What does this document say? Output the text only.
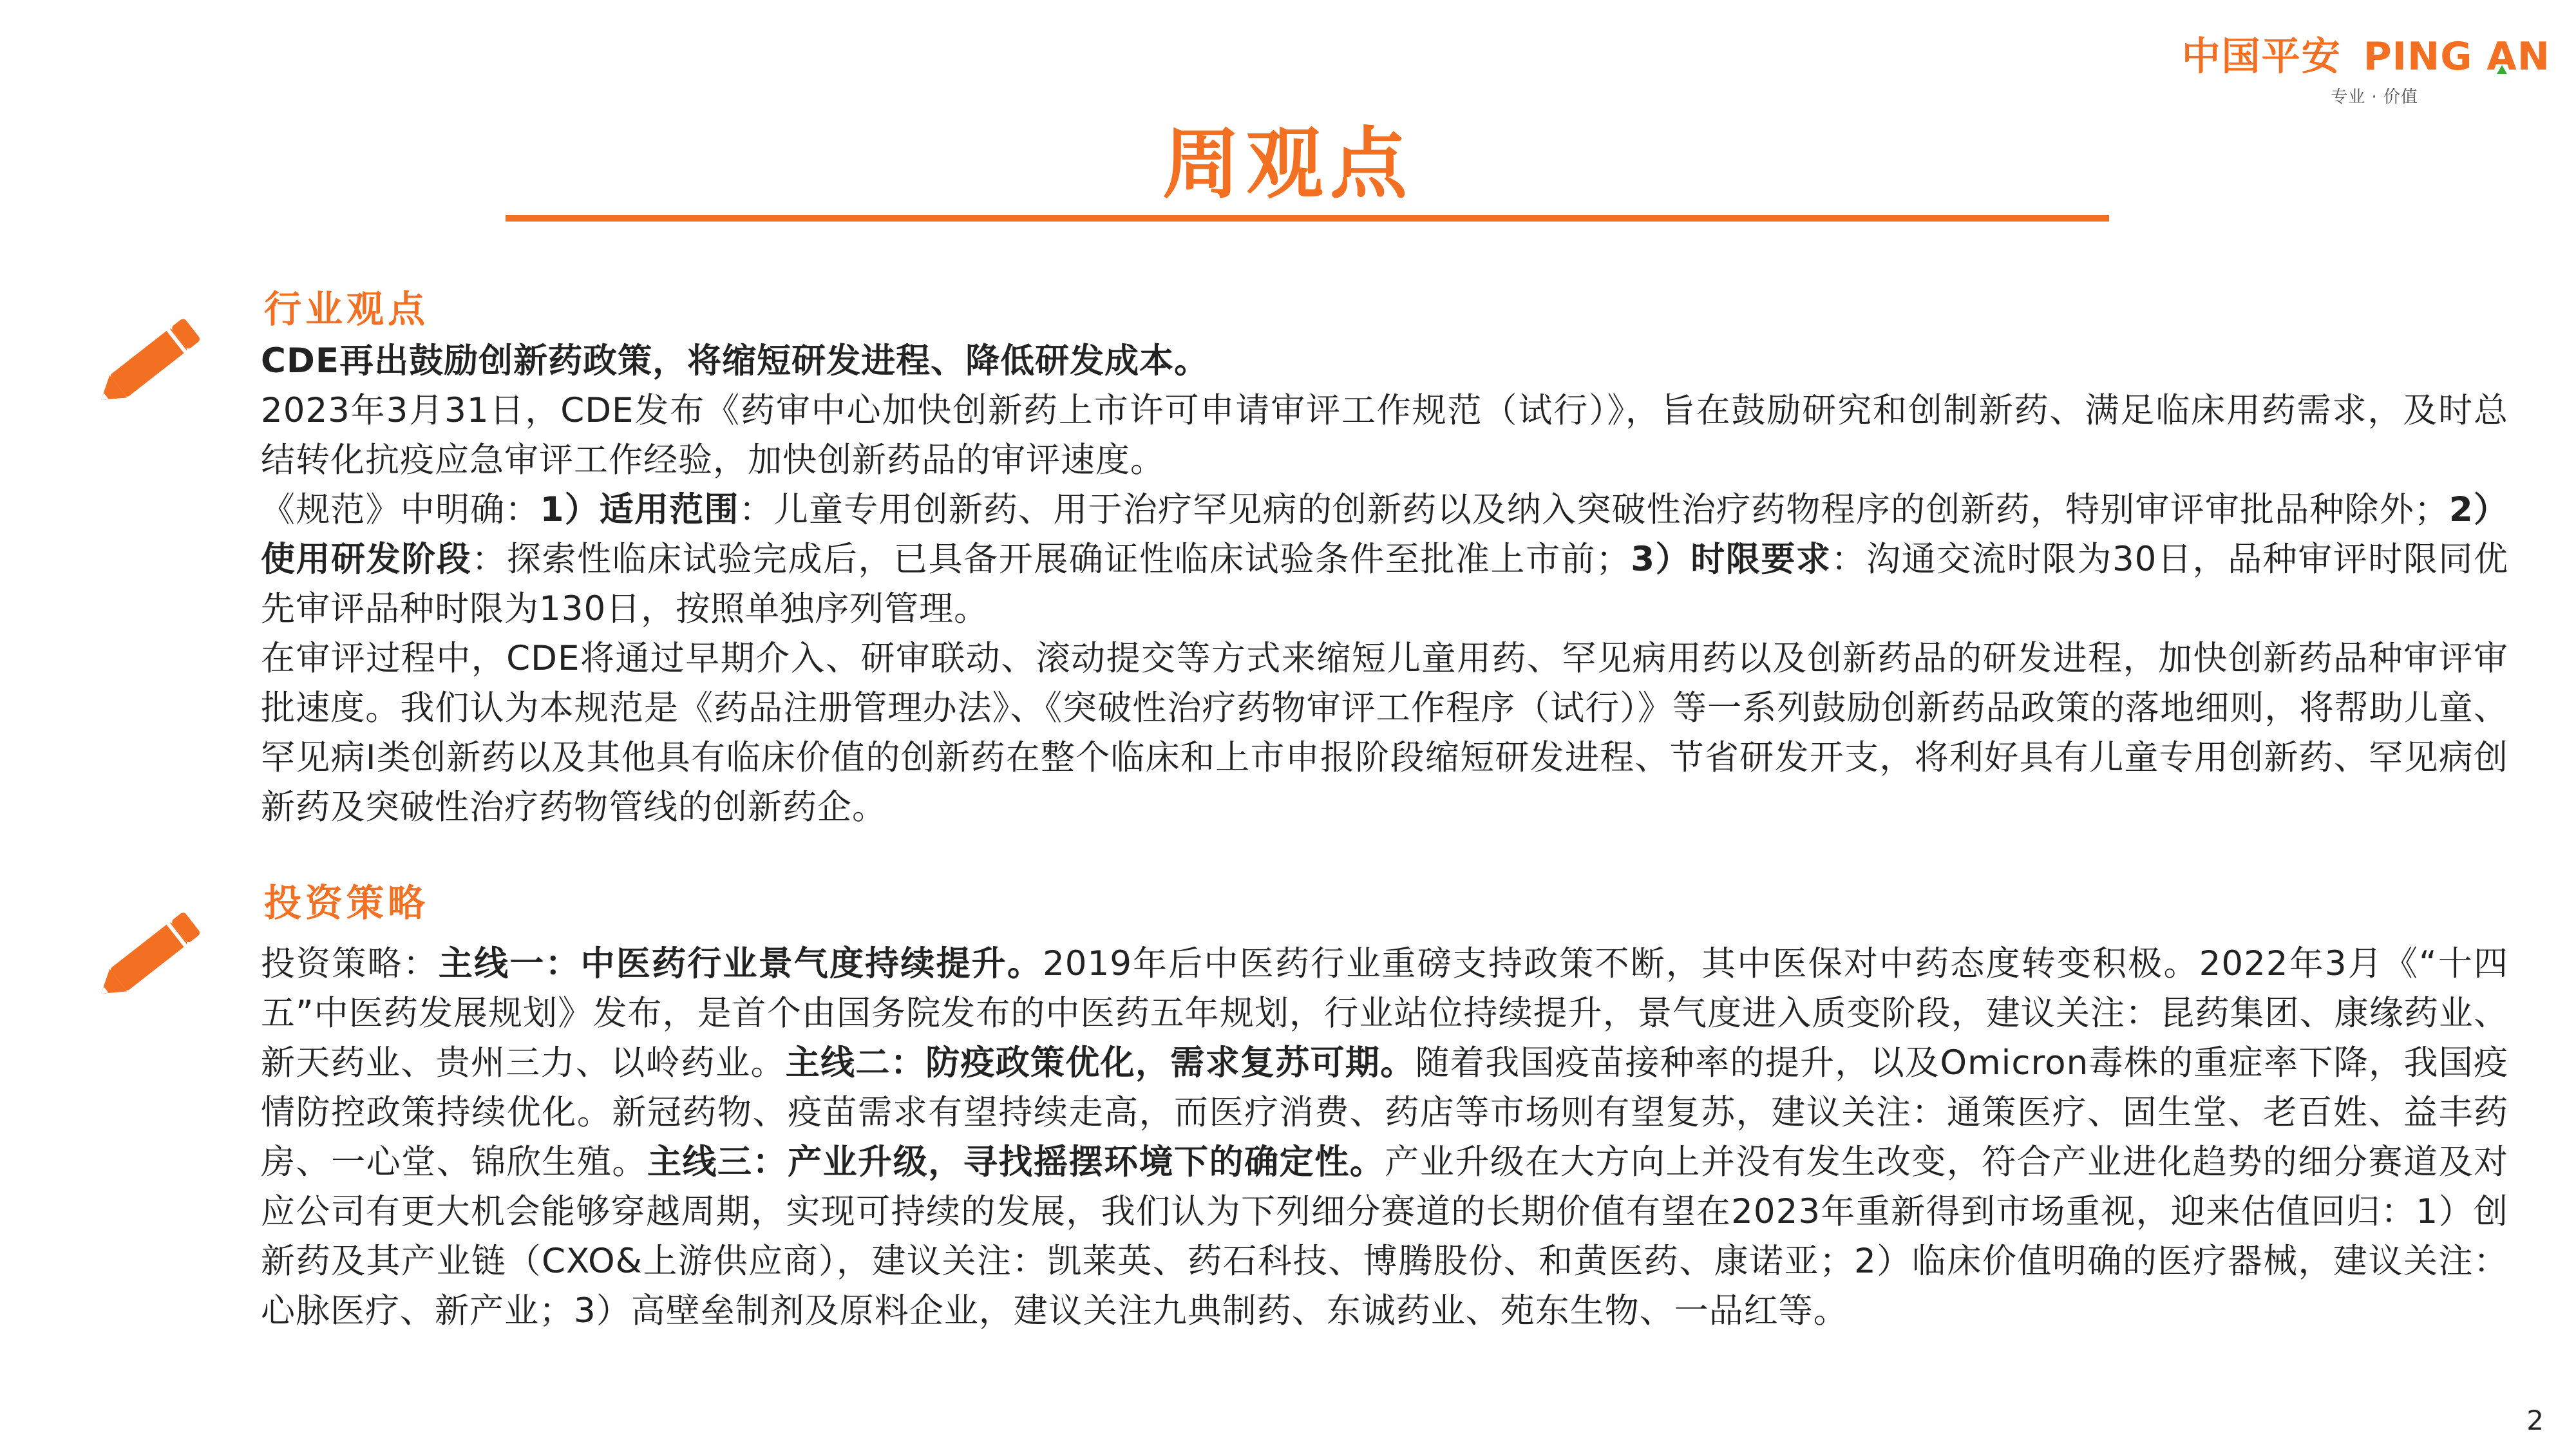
中国平安 PING AN
专业 · 价值
周观点
行业观点

CDE再出鼓励创新药政策，将缩短研发进程、降低研发成本。

2023年3月31日，CDE发布《药审中心加快创新药上市许可申请审评工作规范（试行）》，旨在鼓励研究和创制新药、满足临床用药需求，及时总结转化抗疫应急审评工作经验，加快创新药品的审评速度。

《规范》中明确：1）适用范围：儿童专用创新药、用于治疗罕见病的创新药以及纳入突破性治疗药物程序的创新药，特别审评审批品种除外；2）使用研发阶段：探索性临床试验完成后，已具备开展确证性临床试验条件至批准上市前；3）时限要求：沟通交流时限为30日，品种审评时限同优先审评品种时限为130日，按照单独序列管理。

在审评过程中，CDE将通过早期介入、研审联动、滚动提交等方式来缩短儿童用药、罕见病用药以及创新药品的研发进程，加快创新药品种审评审批速度。我们认为本规范是《药品注册管理办法》、《突破性治疗药物审评工作程序（试行）》等一系列鼓励创新药品政策的落地细则，将帮助儿童、罕见病I类创新药以及其他具有临床价值的创新药在整个临床和上市申报阶段缩短研发进程、节省研发开支，将利好具有儿童专用创新药、罕见病创新药及突破性治疗药物管线的创新药企。

投资策略

投资策略：主线一：中医药行业景气度持续提升。2019年后中医药行业重磅支持政策不断，其中医保对中药态度转变积极。2022年3月《“十四五”中医药发展规划》发布，是首个由国务院发布的中医药五年规划，行业站位持续提升，景气度进入质变阶段，建议关注：昆药集团、康缘药业、新天药业、贵州三力、以岭药业。主线二：防疫政策优化，需求复苏可期。随着我国疫苗接种率的提升，以及Omicron毒株的重症率下降，我国疫情防控政策持续优化。新冠药物、疫苗需求有望持续走高，而医疗消费、药店等市场则有望复苏，建议关注：通策医疗、固生堂、老百姓、益丰药房、一心堂、锦欣生殖。主线三：产业升级，寻找摇摆环境下的确定性。产业升级在大方向上并没有发生改变，符合产业进化趋势的细分赛道及对应公司有更大机会能够穿越周期，实现可持续的发展，我们认为下列细分赛道的长期价值有望在2023年重新得到市场重视，迎来估值回归：1）创新药及其产业链（CXO&上游供应商），建议关注：凯莱英、药石科技、博腾股份、和黄医药、康诺亚；2）临床价值明确的医疗器械，建议关注：心脉医疗、新产业；3）高壁垒制剂及原料企业，建议关注九典制药、东诚药业、苑东生物、一品红等。

2
